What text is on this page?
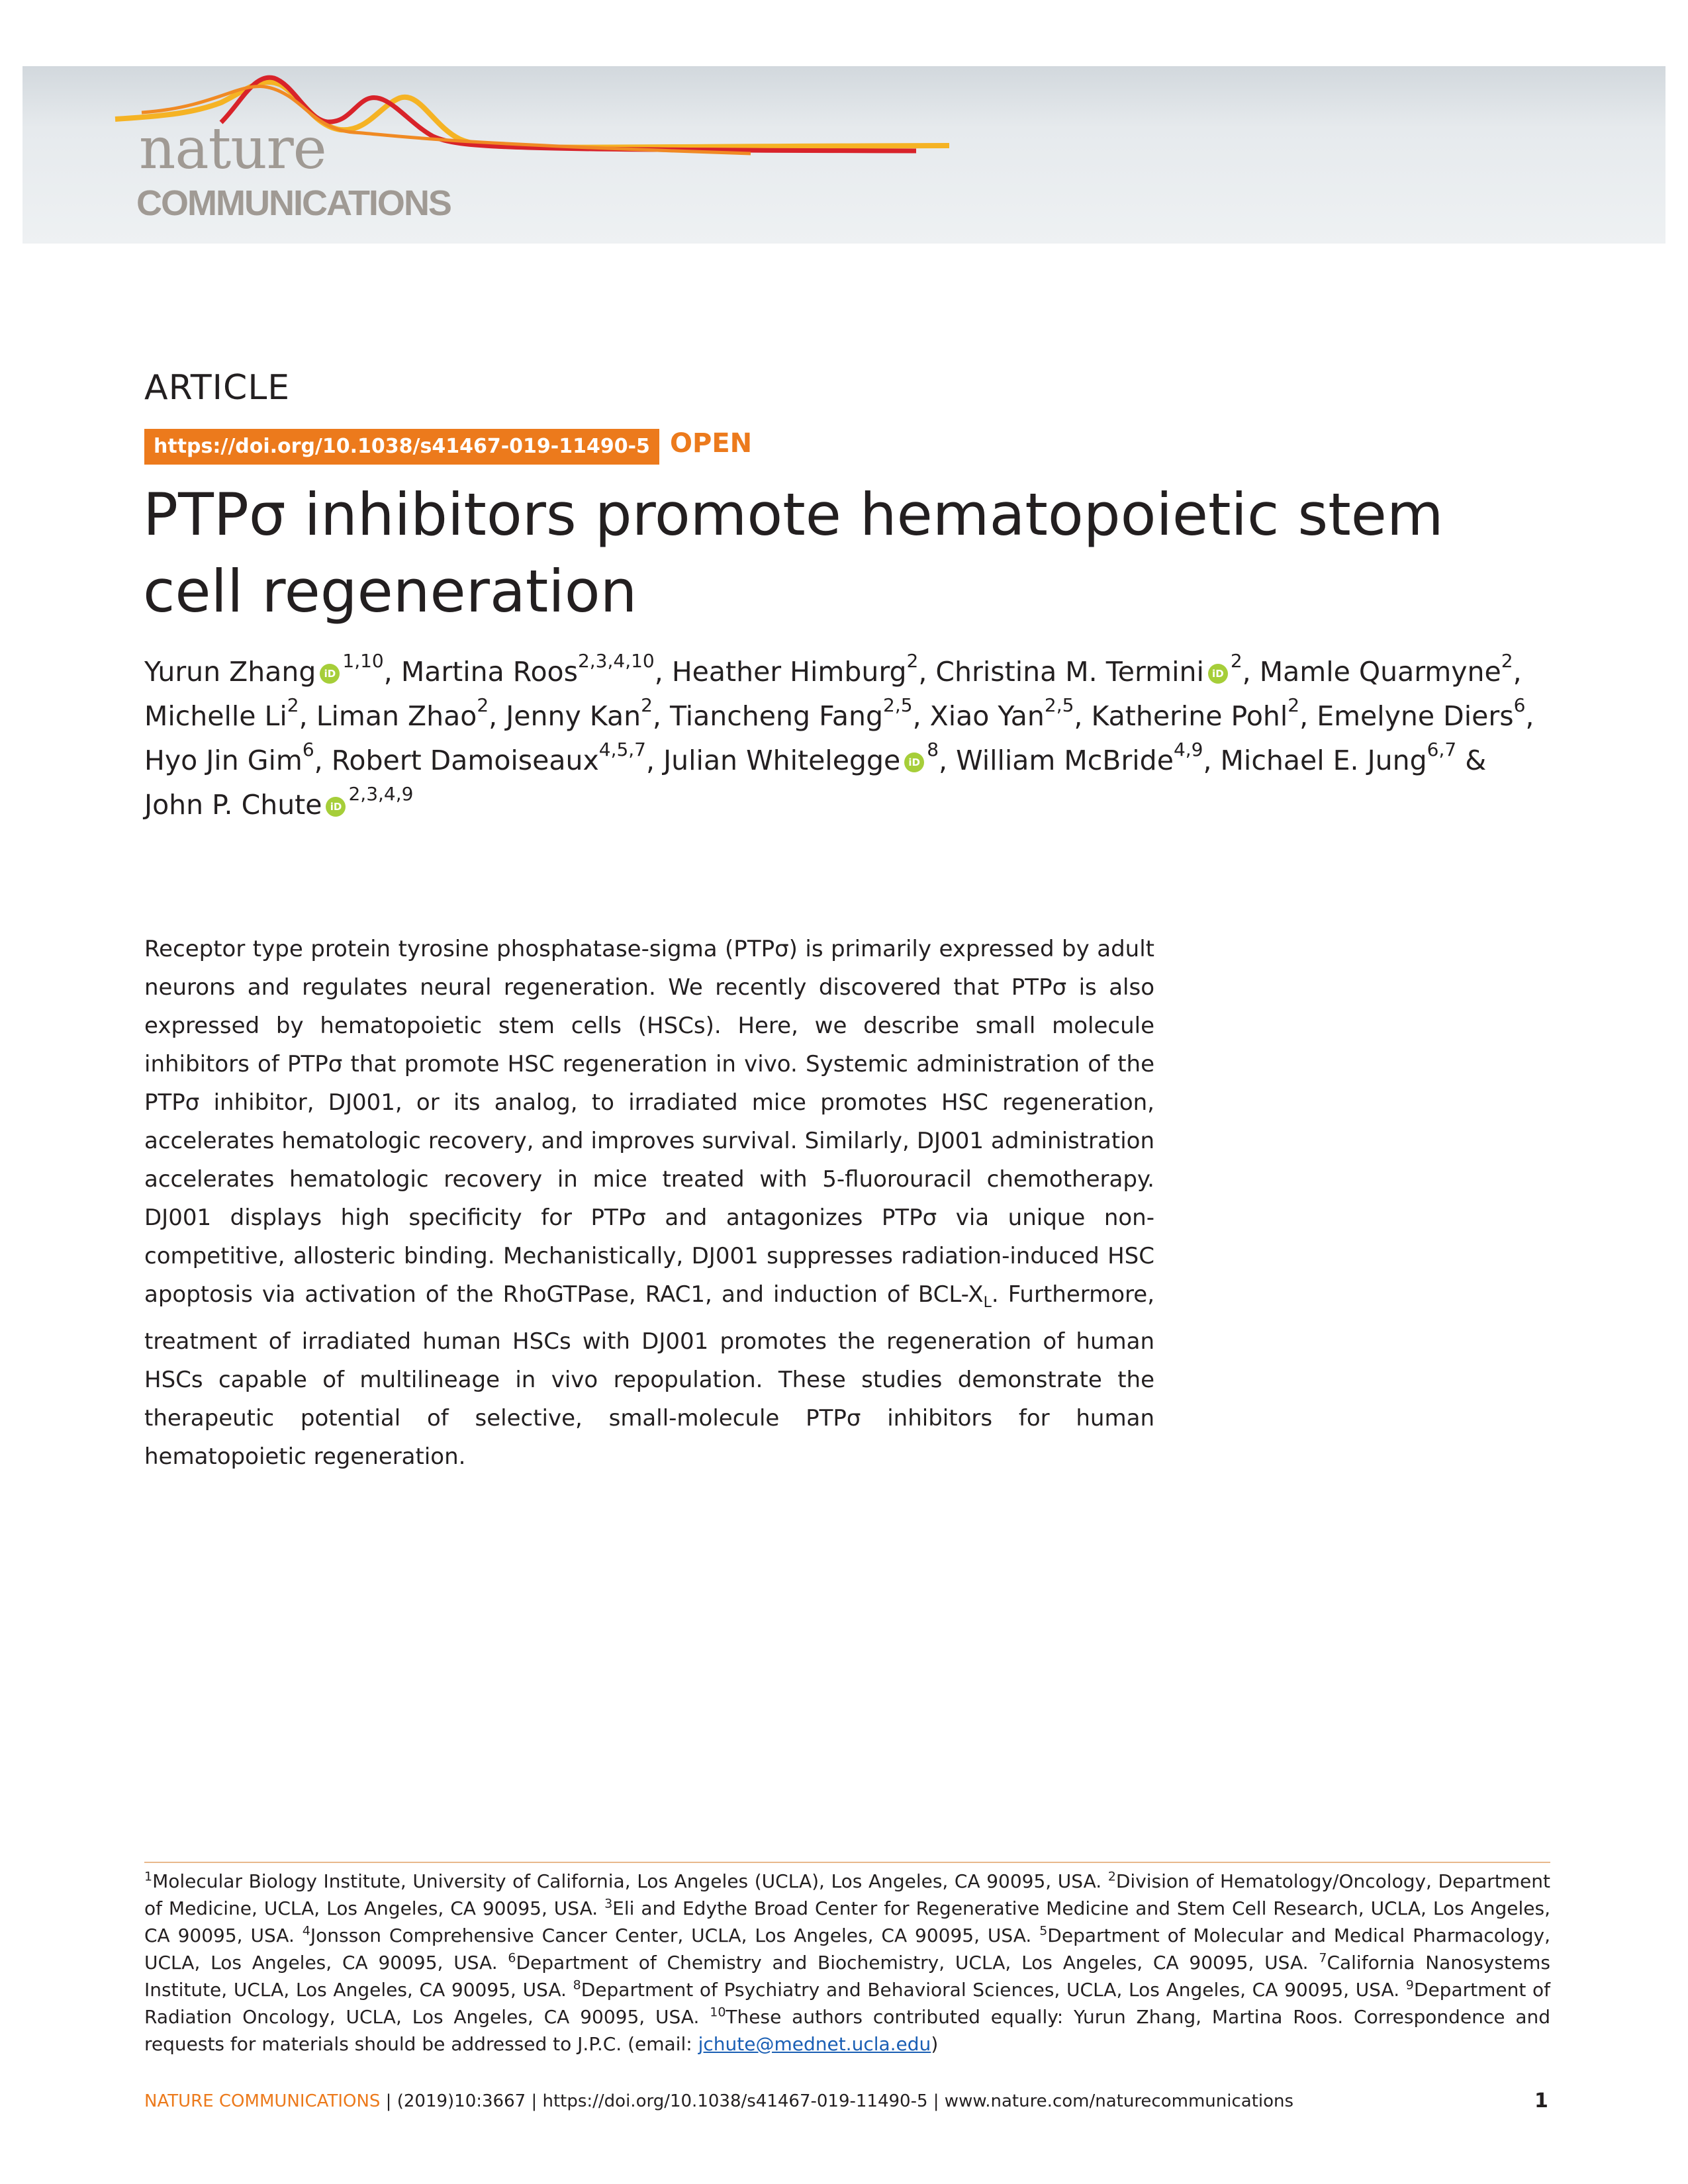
nature
COMMUNICATIONS
ARTICLE
https://doi.org/10.1038/s41467-019-11490-5 OPEN
PTPσ inhibitors promote hematopoietic stem
cell regeneration
Yurun Zhang iD$^{1,10}$, Martina Roos$^{2,3,4,10}$, Heather Himburg$^2$, Christina M. Termini $iD^2$, Mamle Quarmyne$^2$, Michelle Li$^2$, Liman Zhao$^2$, Jenny Kan$^2$, Tiancheng Fang$^{2,5}$, Xiao Yan$^{2,5}$, Katherine Pohl$^2$, Emelyne Diers$^6$, Hyo Jin Gim$^6$, Robert Damoiseaux$^{4,5,7}$, Julian Whitelegge $iD^8$, William McBride$^{4,9}$, Michael E. Jung$^{6,7}$ & John P. Chute iD$^{2,3,4,9}$
Receptor type protein tyrosine phosphatase-sigma (PTPσ) is primarily expressed by adult neurons and regulates neural regeneration. We recently discovered that PTPσ is also expressed by hematopoietic stem cells (HSCs). Here, we describe small molecule inhibitors of PTPσ that promote HSC regeneration in vivo. Systemic administration of the PTPσ inhibitor, DJ001, or its analog, to irradiated mice promotes HSC regeneration, accelerates hematologic recovery, and improves survival. Similarly, DJ001 administration accelerates hematologic recovery in mice treated with 5-fluorouracil chemotherapy. DJ001 displays high specificity for PTPσ and antagonizes PTPσ via unique non-competitive, allosteric binding. Mechanistically, DJ001 suppresses radiation-induced HSC apoptosis via activation of the RhoGTPase, RAC1, and induction of BCL-$X_L$. Furthermore, treatment of irradiated human HSCs with DJ001 promotes the regeneration of human HSCs capable of multilineage in vivo repopulation. These studies demonstrate the therapeutic potential of selective, small-molecule PTPσ inhibitors for human hematopoietic regeneration.
$^1$Molecular Biology Institute, University of California, Los Angeles (UCLA), Los Angeles, CA 90095, USA. $^2$Division of Hematology/Oncology, Department of Medicine, UCLA, Los Angeles, CA 90095, USA. $^3$Eli and Edythe Broad Center for Regenerative Medicine and Stem Cell Research, UCLA, Los Angeles, CA 90095, USA. $^4$Jonsson Comprehensive Cancer Center, UCLA, Los Angeles, CA 90095, USA. $^5$Department of Molecular and Medical Pharmacology, UCLA, Los Angeles, CA 90095, USA. $^6$Department of Chemistry and Biochemistry, UCLA, Los Angeles, CA 90095, USA. $^7$California Nanosystems Institute, UCLA, Los Angeles, CA 90095, USA. $^8$Department of Psychiatry and Behavioral Sciences, UCLA, Los Angeles, CA 90095, USA. $^9$Department of Radiation Oncology, UCLA, Los Angeles, CA 90095, USA. $^{10}$These authors contributed equally: Yurun Zhang, Martina Roos. Correspondence and requests for materials should be addressed to J.P.C. (email: jchute@mednet.ucla.edu)
NATURE COMMUNICATIONS | (2019)10:3667 | https://doi.org/10.1038/s41467-019-11490-5 | www.nature.com/naturecommunications	1
